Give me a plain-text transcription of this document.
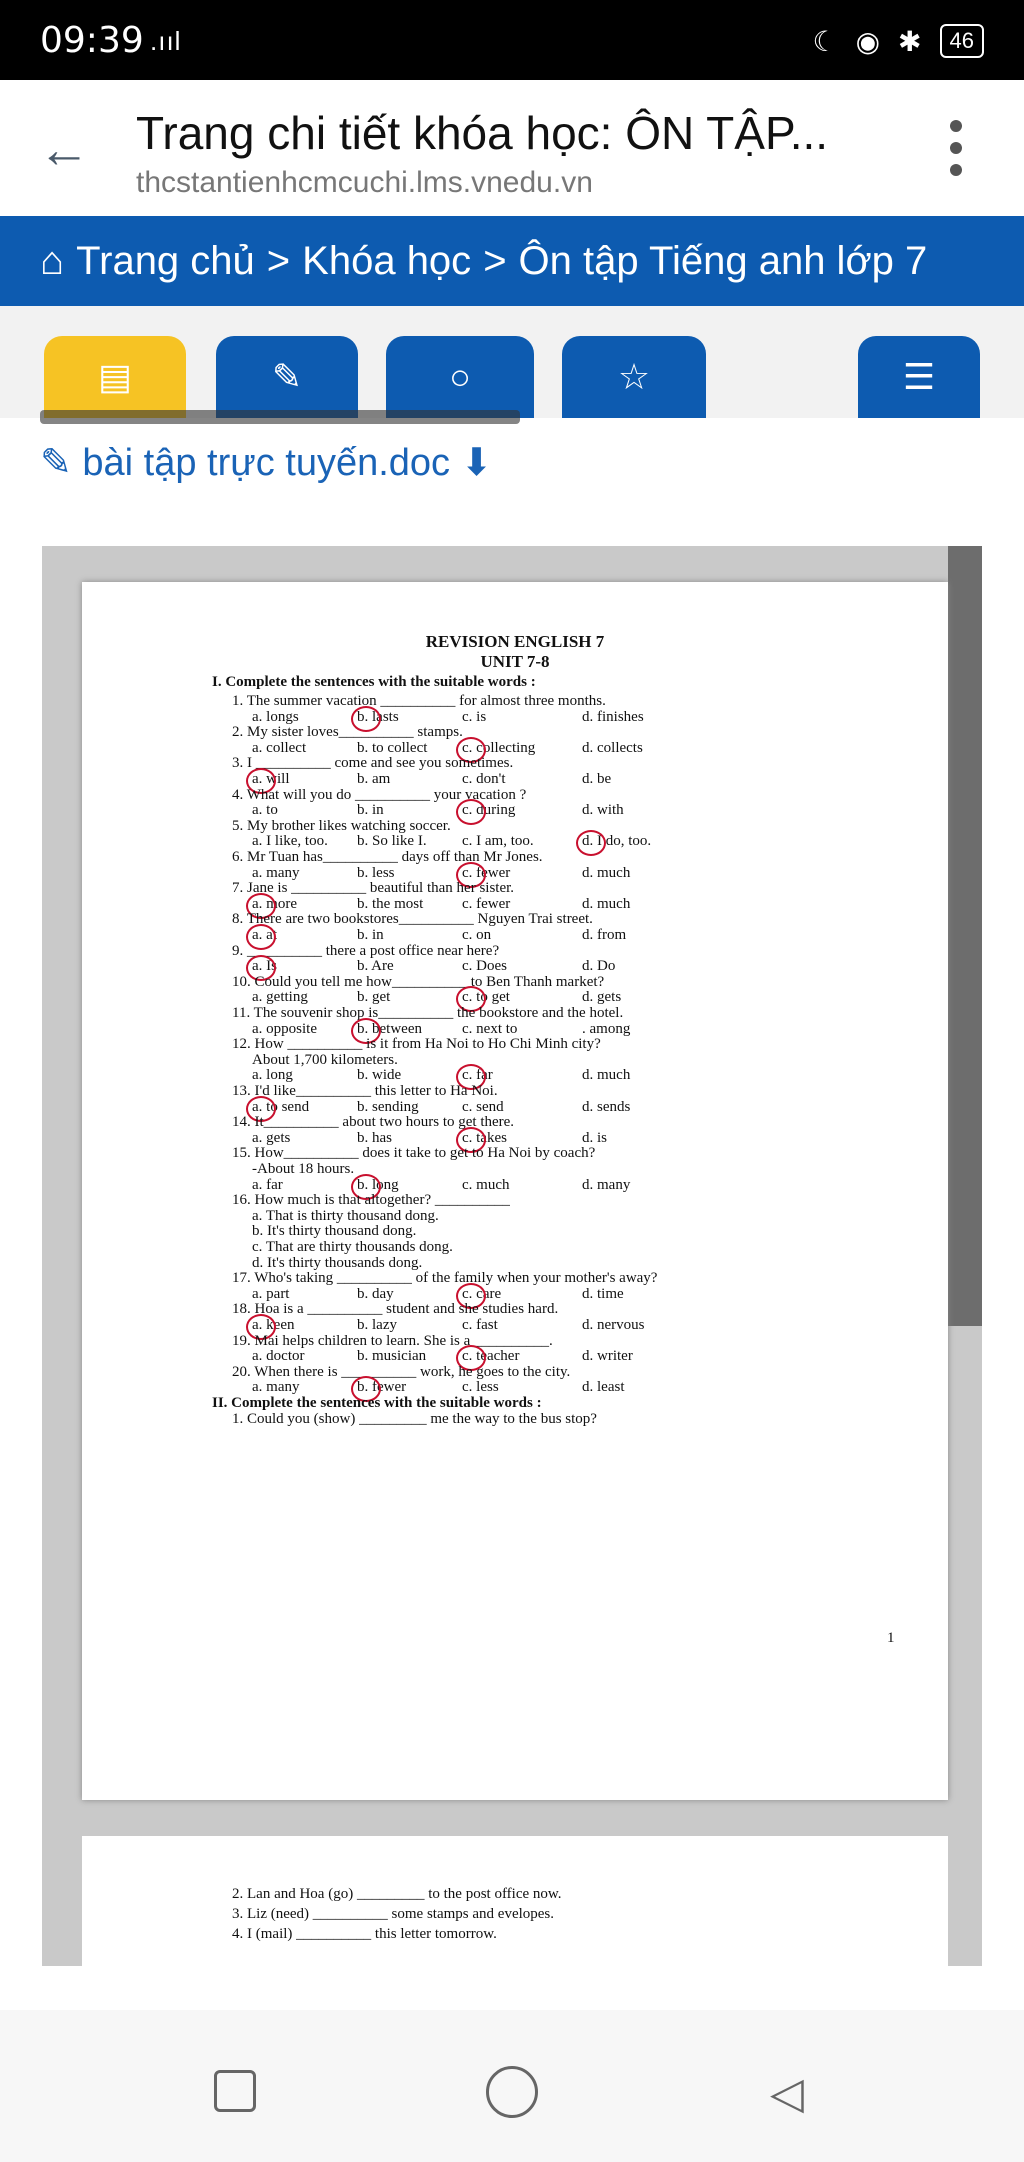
09:39 .ııl	☾ ◉ ✱	46
← Trang chi tiết khóa học: ÔN TẬP...
thcstantienhcmcuchi.lms.vnedu.vn
⌂ Trang chủ > Khóa học > Ôn tập Tiếng anh lớp 7
▤	✎	○	☆	☰
✎ bài tập trực tuyến.doc ⬇
REVISION ENGLISH 7
UNIT 7-8
I. Complete the sentences with the suitable words :
1. The summer vacation __________ for almost three months.
a. longs	b. lasts	c. is	d. finishes
2. My sister loves__________ stamps.
a. collect	b. to collect c. collecting	d. collects
3. I __________ come and see you sometimes.
a. will	b. am	c. don't	d. be
4. What will you do __________ your vacation ?
a. to	b. in	c. during	d. with
5. My brother likes watching soccer.
a. I like, too. b. So like I. c. I am, too.	d. I do, too.
6. Mr Tuan has__________ days off than Mr Jones.
a. many	b. less	c. fewer	d. much
7. Jane is __________ beautiful than her sister.
a. more	b. the most	c. fewer	d. much
8. There are two bookstores__________ Nguyen Trai street.
a. at	b. in	c. on	d. from
9. __________ there a post office near here?
a. Is	b. Are	c. Does	d. Do
10. Could you tell me how__________ to Ben Thanh market?
a. getting	b. get	c. to get	d. gets
11. The souvenir shop is__________ the bookstore and the hotel.
a. opposite	b. between	c. next to	. among
12. How __________ is it from Ha Noi to Ho Chi Minh city?
About 1,700 kilometers.
a. long	b. wide	c. far	d. much
13. I'd like__________ this letter to Ha Noi.
a. to send	b. sending	c. send	d. sends
14. It__________ about two hours to get there.
a. gets	b. has	c. takes	d. is
15. How__________ does it take to get to Ha Noi by coach?
-About 18 hours.
a. far	b. long	c. much	d. many
16. How much is that altogether? __________
a. That is thirty thousand dong.
b. It's thirty thousand dong.
c. That are thirty thousands dong.
d. It's thirty thousands dong.
17. Who's taking __________ of the family when your mother's away?
a. part	b. day	c. care	d. time
18. Hoa is a __________ student and she studies hard.
a. keen	b. lazy	c. fast	d. nervous
19. Mai helps children to learn. She is a __________.
a. doctor	b. musician c. teacher	d. writer
20. When there is __________ work, he goes to the city.
a. many	b. fewer	c. less	d. least
II. Complete the sentences with the suitable words :
1. Could you (show) _________ me the way to the bus stop?
1
2. Lan and Hoa (go) _________ to the post office now.
3. Liz (need) __________ some stamps and evelopes.
4. I (mail) __________ this letter tomorrow.
◁
